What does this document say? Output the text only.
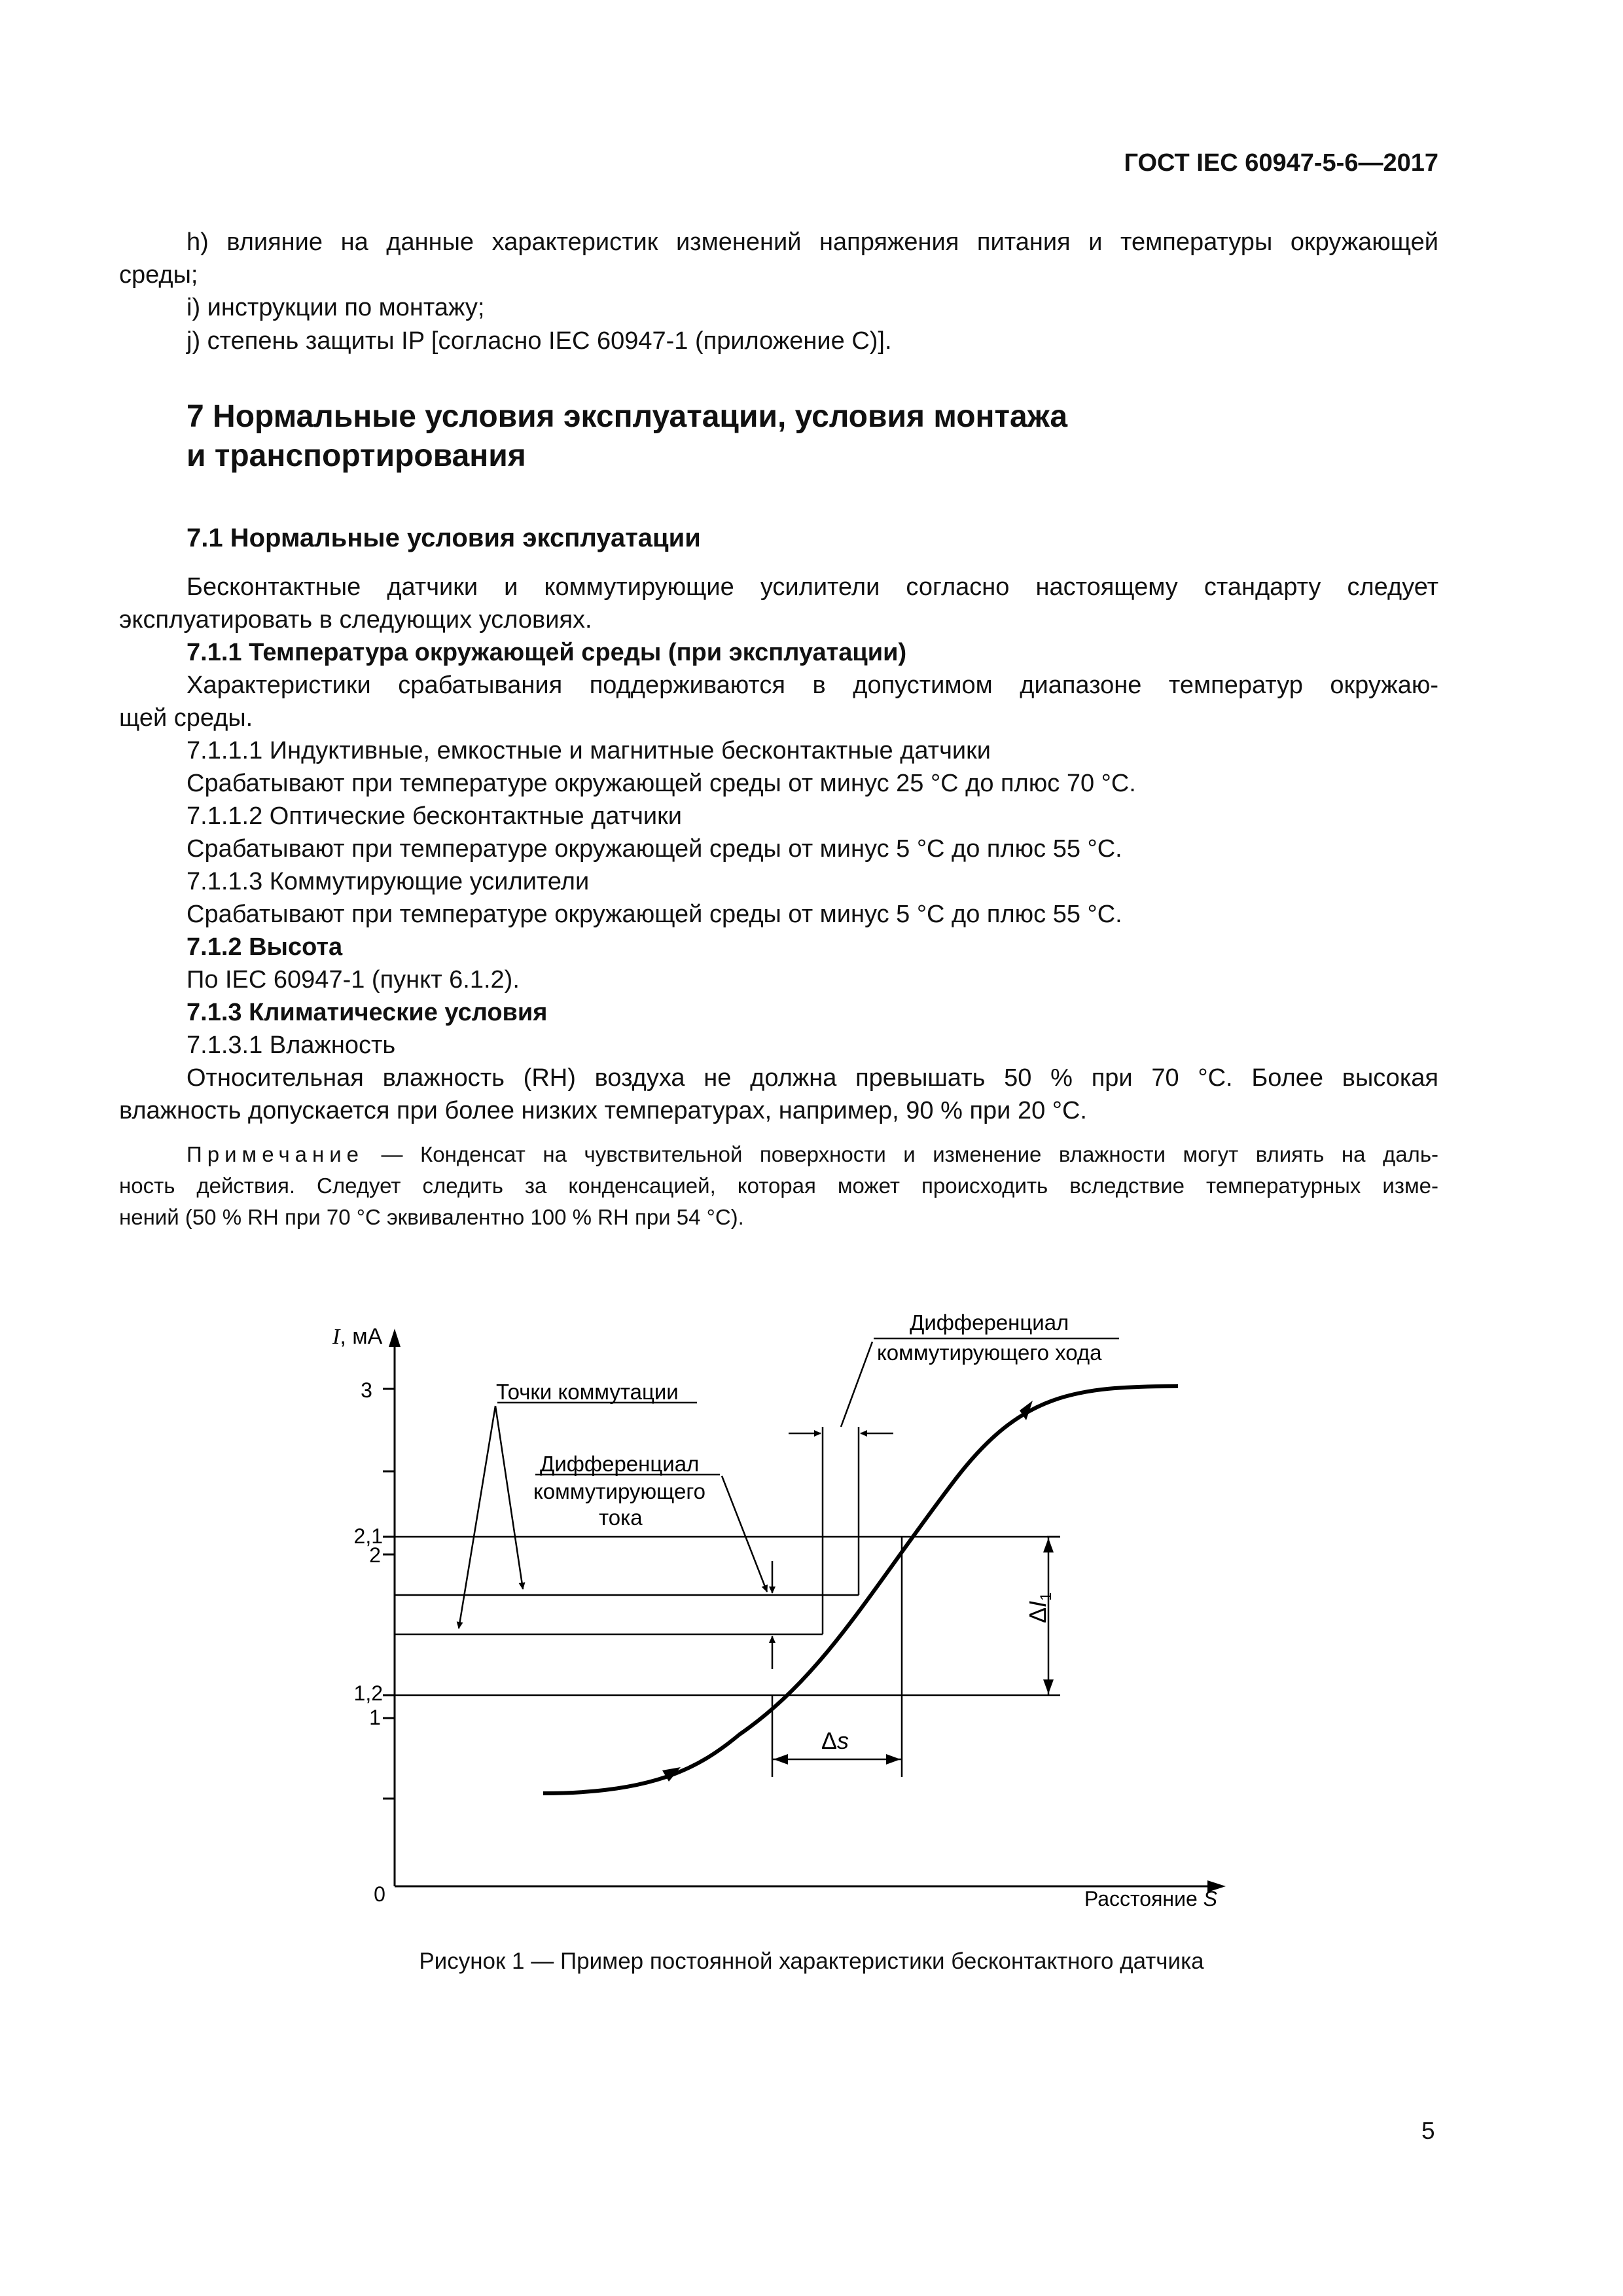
ГОСТ IEC 60947-5-6—2017
h) влияние на данные характеристик изменений напряжения питания и температуры окружающей
среды;
i) инструкции по монтажу;
j) степень защиты IP [согласно IEC 60947-1 (приложение С)].
7 Нормальные условия эксплуатации, условия монтажа
и транспортирования
7.1 Нормальные условия эксплуатации
Бесконтактные датчики и коммутирующие усилители согласно настоящему стандарту следует
эксплуатировать в следующих условиях.
7.1.1 Температура окружающей среды (при эксплуатации)
Характеристики срабатывания поддерживаются в допустимом диапазоне температур окружаю-
щей среды.
7.1.1.1 Индуктивные, емкостные и магнитные бесконтактные датчики
Срабатывают при температуре окружающей среды от минус 25 °С до плюс 70 °С.
7.1.1.2 Оптические бесконтактные датчики
Срабатывают при температуре окружающей среды от минус 5 °С до плюс 55 °С.
7.1.1.3 Коммутирующие усилители
Срабатывают при температуре окружающей среды от минус 5 °С до плюс 55 °С.
7.1.2 Высота
По IEC 60947-1 (пункт 6.1.2).
7.1.3 Климатические условия
7.1.3.1 Влажность
Относительная влажность (RH) воздуха не должна превышать 50 % при 70 °С. Более высокая
влажность допускается при более низких температурах, например, 90 % при 20 °С.
Примечание — Конденсат на чувствительной поверхности и изменение влажности могут влиять на даль-
ность действия. Следует следить за конденсацией, которая может происходить вследствие температурных изме-
нений (50 % RH при 70 °С эквивалентно 100 % RH при 54 °С).
3
2,1
2
1,2
1
0
I, мА
Расстояние S
Точки коммутации
Дифференциал
коммутирующего
тока
Дифференциал
коммутирующего хода
$\Delta I_1$
Δs
Рисунок 1 — Пример постоянной характеристики бесконтактного датчика
5
